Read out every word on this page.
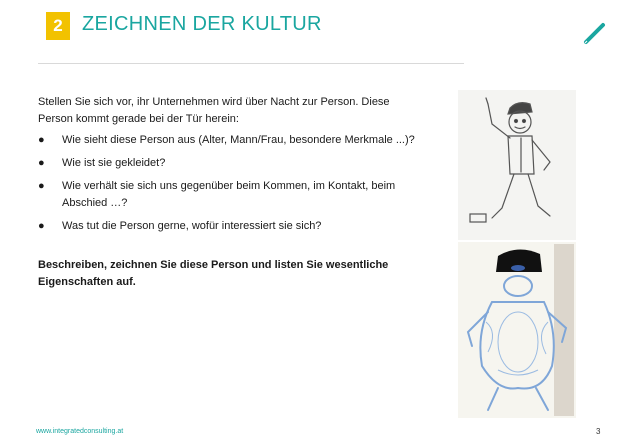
2 ZEICHNEN DER KULTUR

Stellen Sie sich vor, ihr Unternehmen wird über Nacht zur Person. Diese Person kommt gerade bei der Tür herein:

● Wie sieht diese Person aus (Alter, Mann/Frau, besondere Merkmale ...)?
● Wie ist sie gekleidet?
● Wie verhält sie sich uns gegenüber beim Kommen, im Kontakt, beim Abschied …?
● Was tut die Person gerne, wofür interessiert sie sich?

Beschreiben, zeichnen Sie diese Person und listen Sie wesentliche Eigenschaften auf.

www.integratedconsulting.at	3
